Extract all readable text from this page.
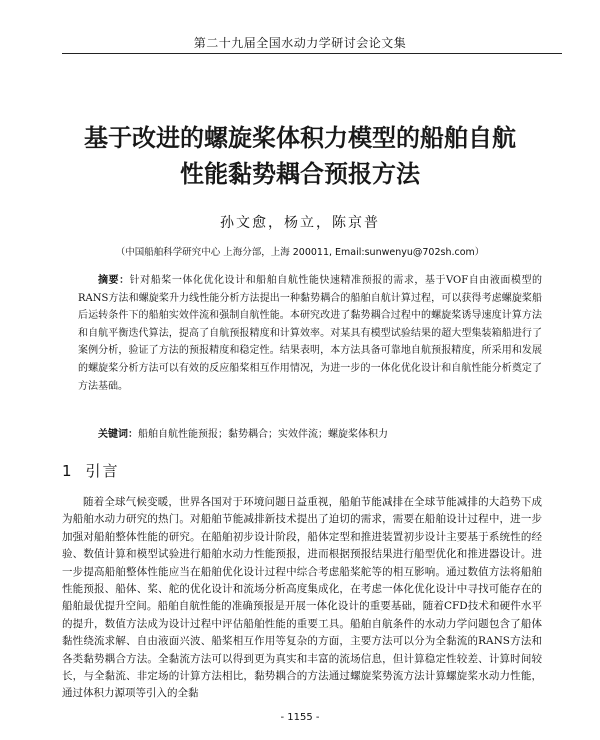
第二十九届全国水动力学研讨会论文集
基于改进的螺旋桨体积力模型的船舶自航
性能黏势耦合预报方法
孙文愈，杨立，陈京普
（中国船舶科学研究中心 上海分部，上海 200011, Email:sunwenyu@702sh.com）
摘要：针对船桨一体化优化设计和船舶自航性能快速精准预报的需求，基于VOF自由液面模型的RANS方法和螺旋桨升力线性能分析方法提出一种黏势耦合的船舶自航计算过程，可以获得考虑螺旋桨船后运转条件下的船舶实效伴流和强制自航性能。本研究改进了黏势耦合过程中的螺旋桨诱导速度计算方法和自航平衡迭代算法，提高了自航预报精度和计算效率。对某具有模型试验结果的超大型集装箱船进行了案例分析，验证了方法的预报精度和稳定性。结果表明，本方法具备可靠地自航预报精度，所采用和发展的螺旋桨分析方法可以有效的反应船桨相互作用情况，为进一步的一体化优化设计和自航性能分析奠定了方法基础。
关键词：船舶自航性能预报；黏势耦合；实效伴流；螺旋桨体积力
1 引言
随着全球气候变暖，世界各国对于环境问题日益重视，船舶节能减排在全球节能减排的大趋势下成为船舶水动力研究的热门。对船舶节能减排新技术提出了迫切的需求，需要在船舶设计过程中，进一步加强对船舶整体性能的研究。在船舶初步设计阶段，船体定型和推进装置初步设计主要基于系统性的经验、数值计算和模型试验进行船舶水动力性能预报，进而根据预报结果进行船型优化和推进器设计。进一步提高船舶整体性能应当在船舶优化设计过程中综合考虑船桨舵等的相互影响。通过数值方法将船舶性能预报、船体、桨、舵的优化设计和流场分析高度集成化，在考虑一体化优化设计中寻找可能存在的船舶最优提升空间。船舶自航性能的准确预报是开展一体化设计的重要基础，随着CFD技术和硬件水平的提升，数值方法成为设计过程中评估船舶性能的重要工具。船舶自航条件的水动力学问题包含了船体黏性绕流求解、自由液面兴波、船桨相互作用等复杂的方面，主要方法可以分为全黏流的RANS方法和各类黏势耦合方法。全黏流方法可以得到更为真实和丰富的流场信息，但计算稳定性较差、计算时间较长，与全黏流、非定场的计算方法相比，黏势耦合的方法通过螺旋桨势流方法计算螺旋桨水动力性能，通过体积力源项等引入的全黏
- 1155 -
